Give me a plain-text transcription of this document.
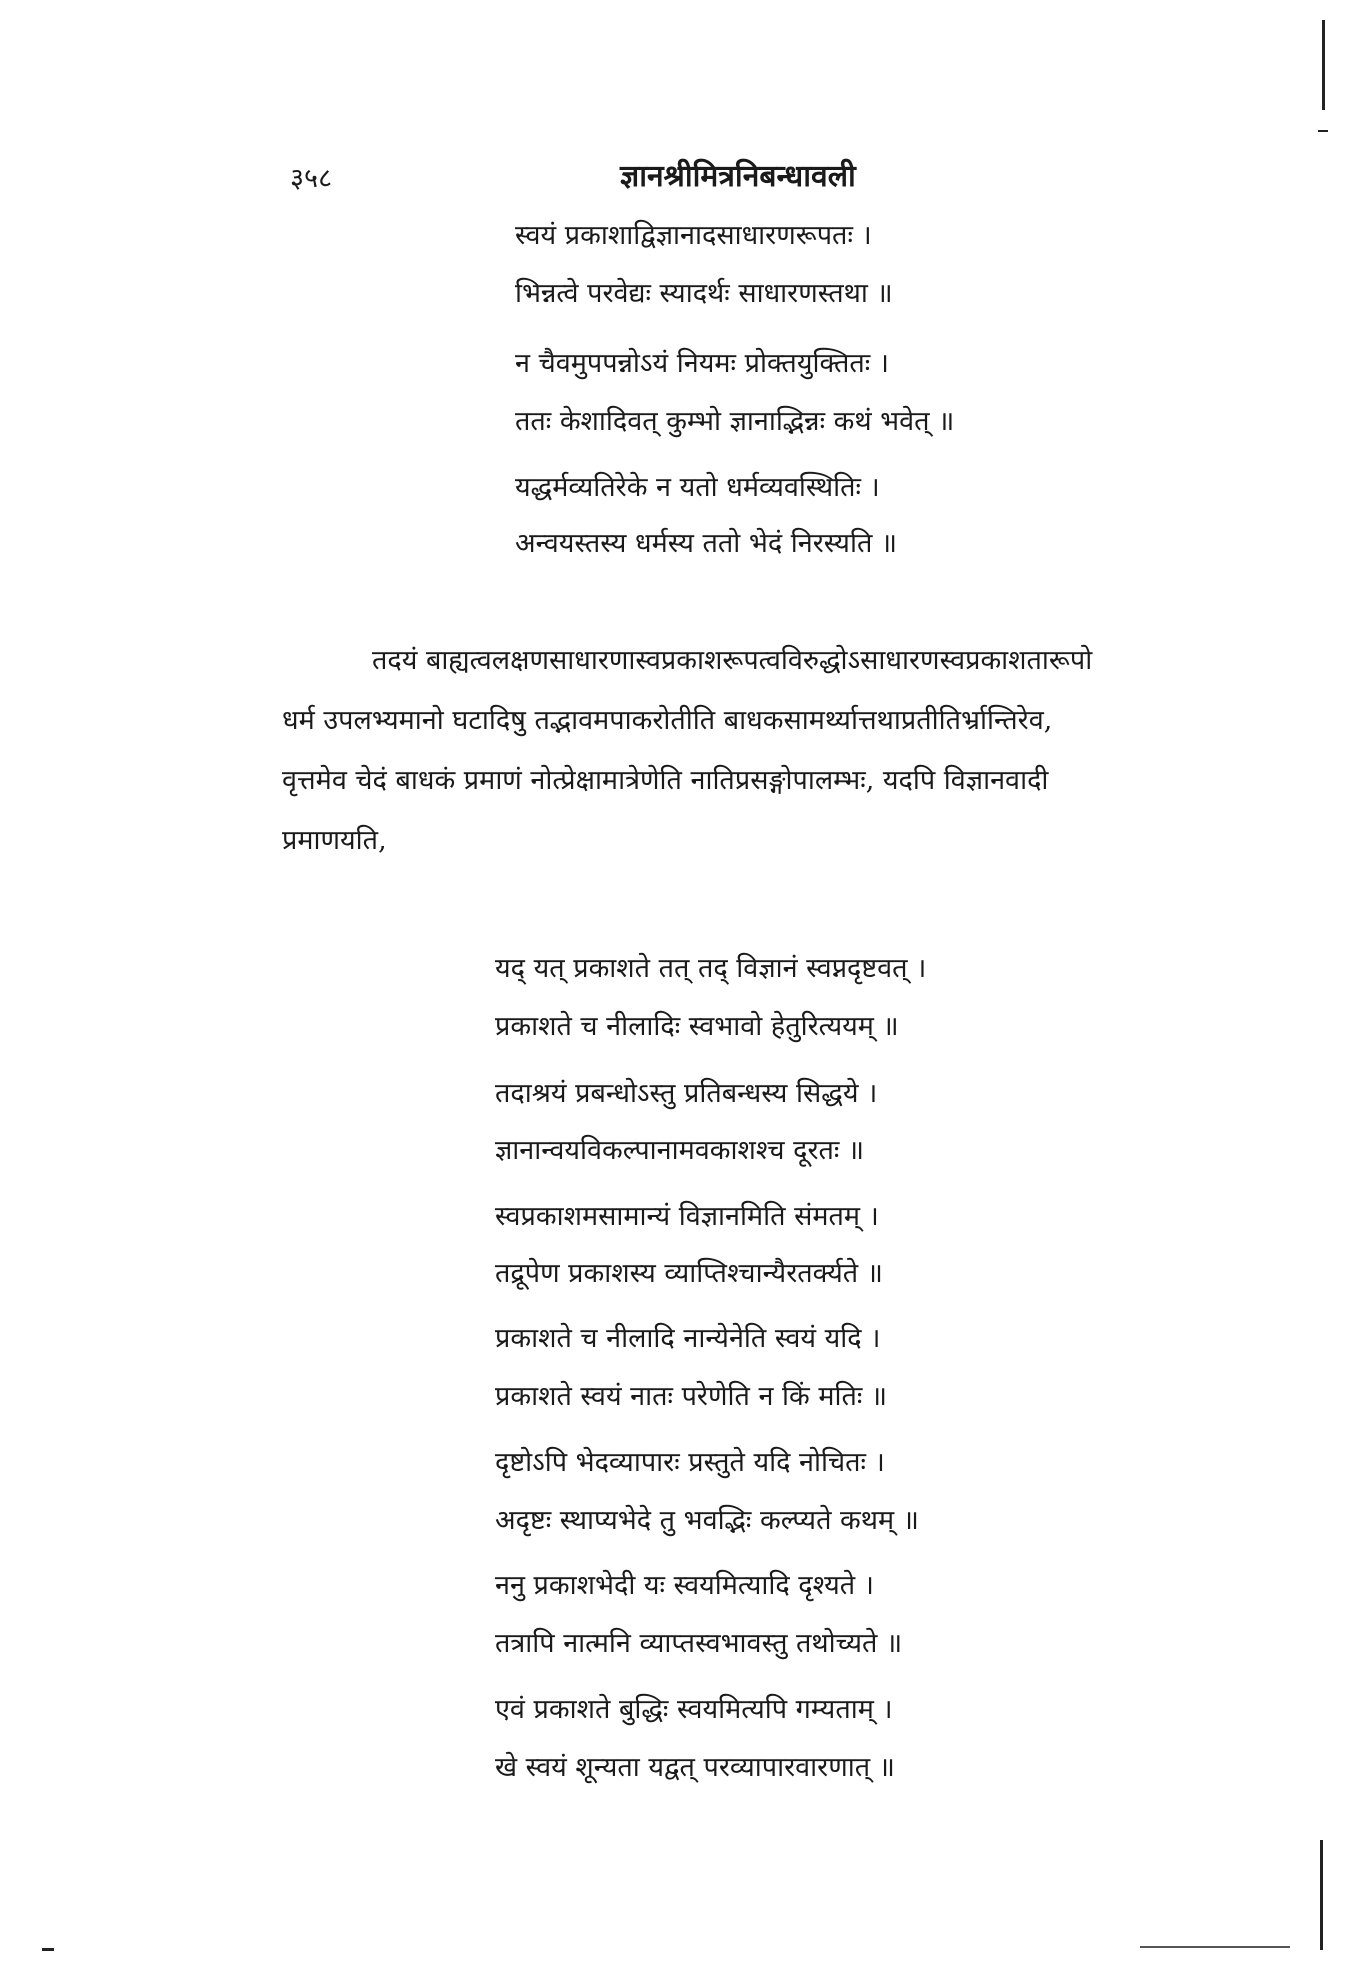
३५८	ज्ञानश्रीमित्रनिबन्धावली
स्वयं प्रकाशाद्विज्ञानादसाधारणरूपतः ।
भिन्नत्वे परवेद्यः स्यादर्थः साधारणस्तथा ॥
न चैवमुपपन्नोऽयं नियमः प्रोक्तयुक्तितः ।
ततः केशादिवत् कुम्भो ज्ञानाद्भिन्नः कथं भवेत् ॥
यद्धर्मव्यतिरेके न यतो धर्मव्यवस्थितिः ।
अन्वयस्तस्य धर्मस्य ततो भेदं निरस्यति ॥
तदयं बाह्यत्वलक्षणसाधारणास्वप्रकाशरूपत्वविरुद्धोऽसाधारणस्वप्रकाशतारूपो
धर्म उपलभ्यमानो घटादिषु तद्भावमपाकरोतीति बाधकसामर्थ्यात्तथाप्रतीतिर्भ्रान्तिरेव,
वृत्तमेव चेदं बाधकं प्रमाणं नोत्प्रेक्षामात्रेणेति नातिप्रसङ्गोपालम्भः, यदपि विज्ञानवादी
प्रमाणयति,
यद् यत् प्रकाशते तत् तद् विज्ञानं स्वप्नदृष्टवत् ।
प्रकाशते च नीलादिः स्वभावो हेतुरित्ययम् ॥
तदाश्रयं प्रबन्धोऽस्तु प्रतिबन्धस्य सिद्धये ।
ज्ञानान्वयविकल्पानामवकाशश्च दूरतः ॥
स्वप्रकाशमसामान्यं विज्ञानमिति संमतम् ।
तद्रूपेण प्रकाशस्य व्याप्तिश्चान्यैरतर्क्यते ॥
प्रकाशते च नीलादि नान्येनेति स्वयं यदि ।
प्रकाशते स्वयं नातः परेणेति न किं मतिः ॥
दृष्टोऽपि भेदव्यापारः प्रस्तुते यदि नोचितः ।
अदृष्टः स्थाप्यभेदे तु भवद्भिः कल्प्यते कथम् ॥
ननु प्रकाशभेदी यः स्वयमित्यादि दृश्यते ।
तत्रापि नात्मनि व्याप्तस्वभावस्तु तथोच्यते ॥
एवं प्रकाशते बुद्धिः स्वयमित्यपि गम्यताम् ।
खे स्वयं शून्यता यद्वत् परव्यापारवारणात् ॥
